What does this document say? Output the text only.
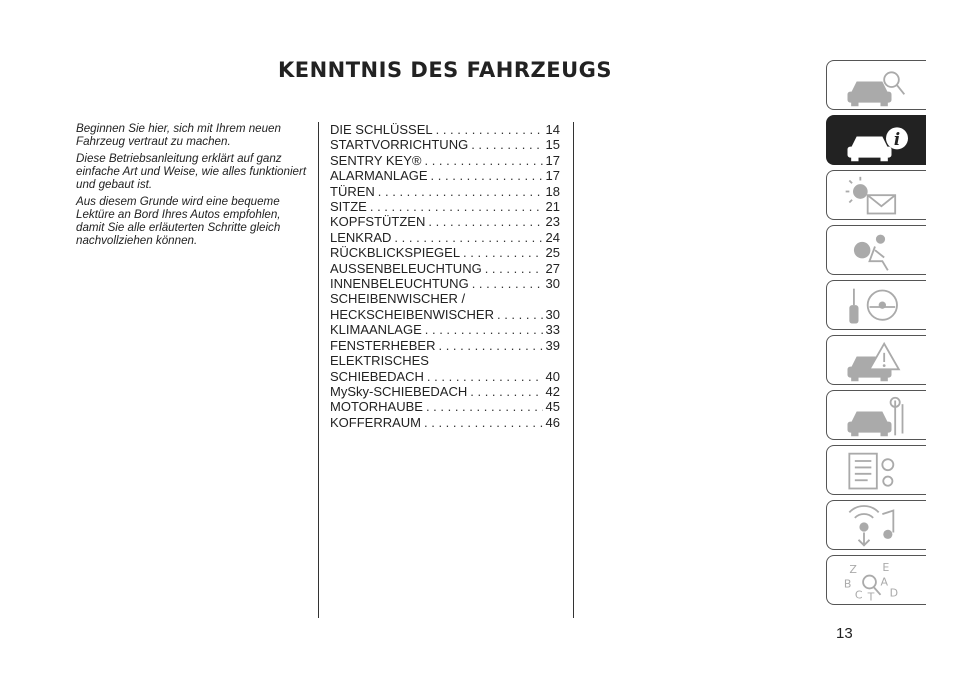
KENNTNIS DES FAHRZEUGS

Beginnen Sie hier, sich mit Ihrem neuen Fahrzeug vertraut zu machen.

Diese Betriebsanleitung erklärt auf ganz einfache Art und Weise, wie alles funktioniert und gebaut ist.

Aus diesem Grunde wird eine bequeme Lektüre an Bord Ihres Autos empfohlen, damit Sie alle erläuterten Schritte gleich nachvollziehen können.

DIE SCHLÜSSEL . . .	14
STARTVORRICHTUNG . . .	15
SENTRY KEY® . . .	17
ALARMANLAGE . . .	17
TÜREN . . .	18
SITZE . . .	21
KOPFSTÜTZEN . . .	23
LENKRAD . . .	24
RÜCKBLICKSPIEGEL . . .	25
AUSSENBELEUCHTUNG . . .	27
INNENBELEUCHTUNG . . .	30
SCHEIBENWISCHER /
HECKSCHEIBENWISCHER . . .	30
KLIMAANLAGE . . .	33
FENSTERHEBER . . .	39
ELEKTRISCHES
SCHIEBEDACH . . .	40
MySky-SCHIEBEDACH . . .	42
MOTORHAUBE . . .	45
KOFFERRAUM . . .	46
i
Z E B A C T D
13
